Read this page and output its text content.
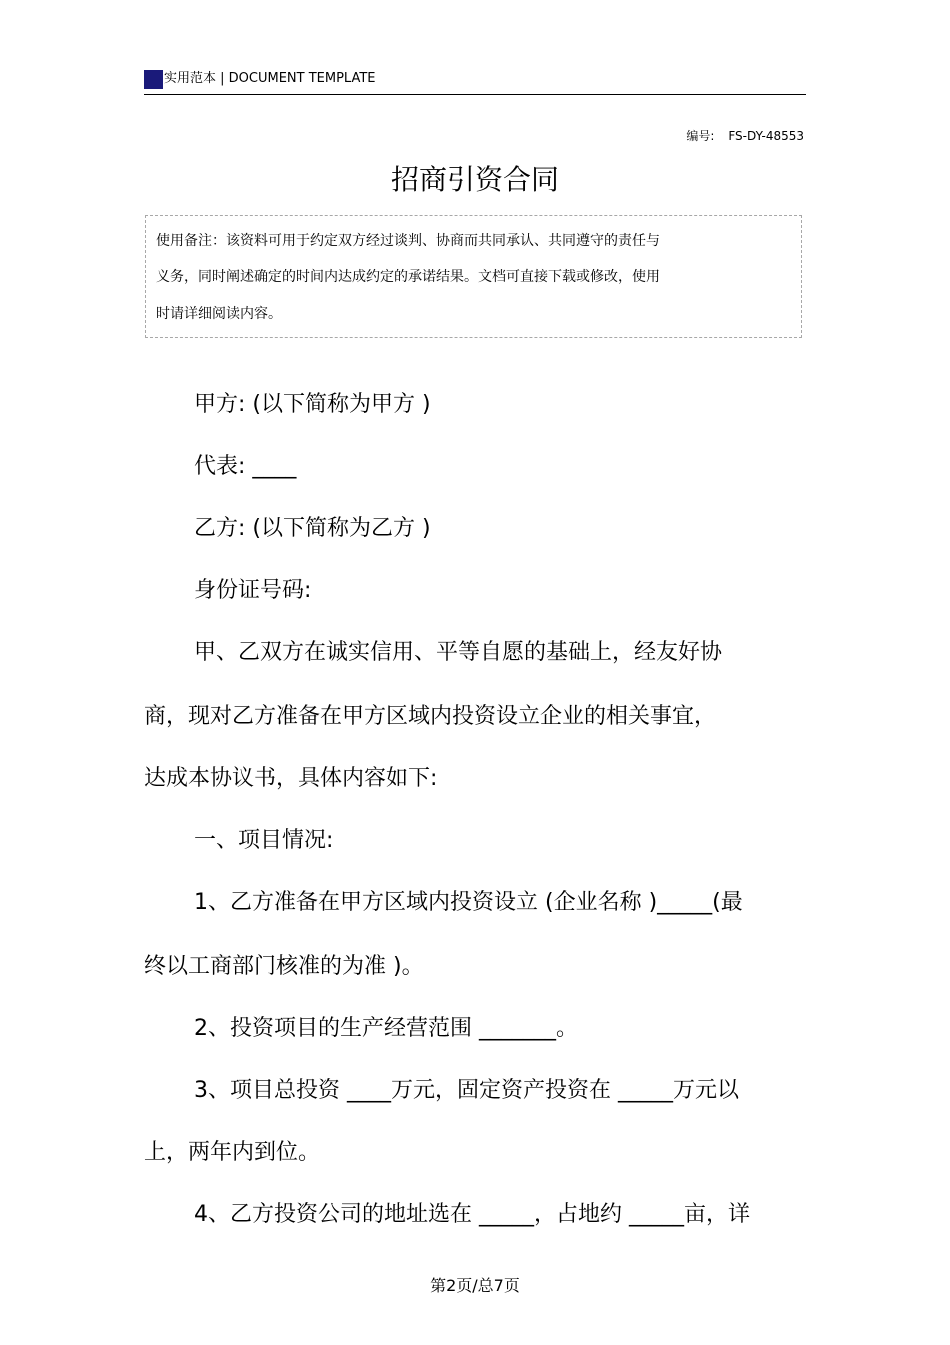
实用范本 | DOCUMENT TEMPLATE
编号: FS-DY-48553
招商引资合同

使用备注：该资料可用于约定双方经过谈判、协商而共同承认、共同遵守的责任与

义务，同时阐述确定的时间内达成约定的承诺结果。文档可直接下载或修改，使用

时请详细阅读内容。

甲方: (以下简称为甲方 )

代表: ____

乙方: (以下简称为乙方 )

身份证号码:

甲、乙双方在诚实信用、平等自愿的基础上，经友好协

商，现对乙方准备在甲方区域内投资设立企业的相关事宜，

达成本协议书，具体内容如下:

一、项目情况:

1、乙方准备在甲方区域内投资设立 (企业名称 )_____(最

终以工商部门核准的为准 )。

2、投资项目的生产经营范围 _______。

3、项目总投资 ____万元，固定资产投资在 _____万元以

上，两年内到位。

4、乙方投资公司的地址选在 _____，占地约 _____亩，详

第2页/总7页
